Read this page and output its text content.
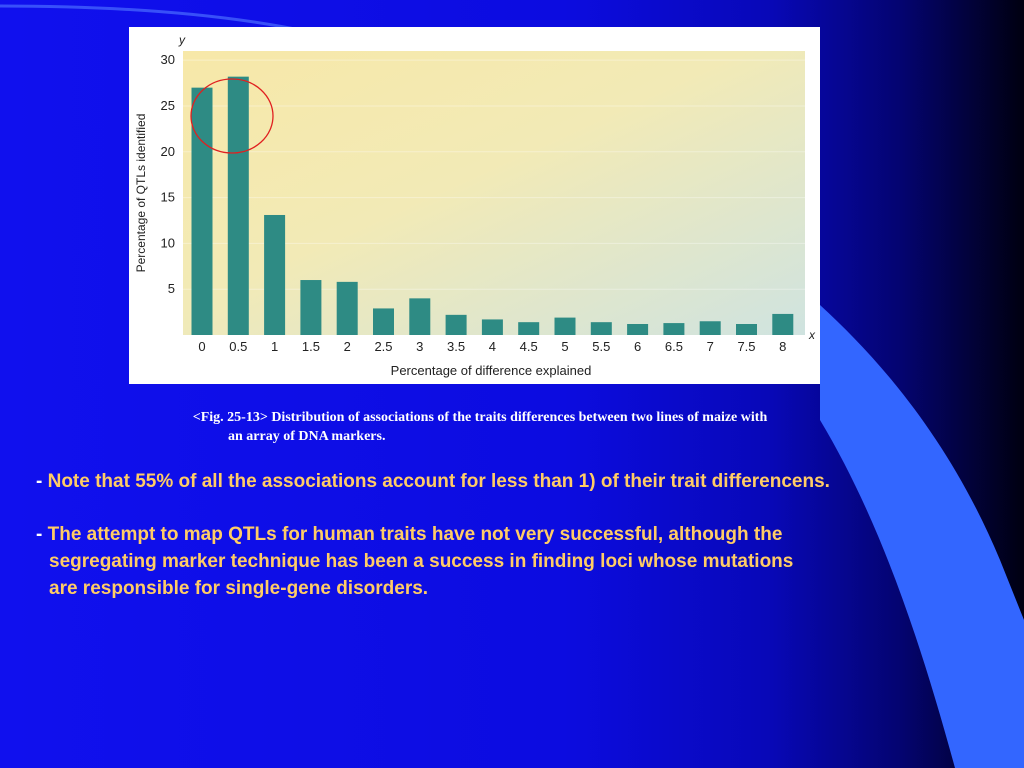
5
10
15
20
25
30
0 0.5 1 1.5 2 2.5 3 3.5 4 4.5 5 5.5 6 6.5 7 7.5 8
Percentage of difference explained
Percentage of QTLs identified
x
y
<Fig. 25-13> Distribution of associations of the traits differences between two lines of maize with
an array of DNA markers.
- Note that 55% of all the associations account for less than 1) of their trait differencens.
- The attempt to map QTLs for human traits have not very successful, although the
segregating marker technique has been a success in finding loci whose mutations
are responsible for single-gene disorders.
